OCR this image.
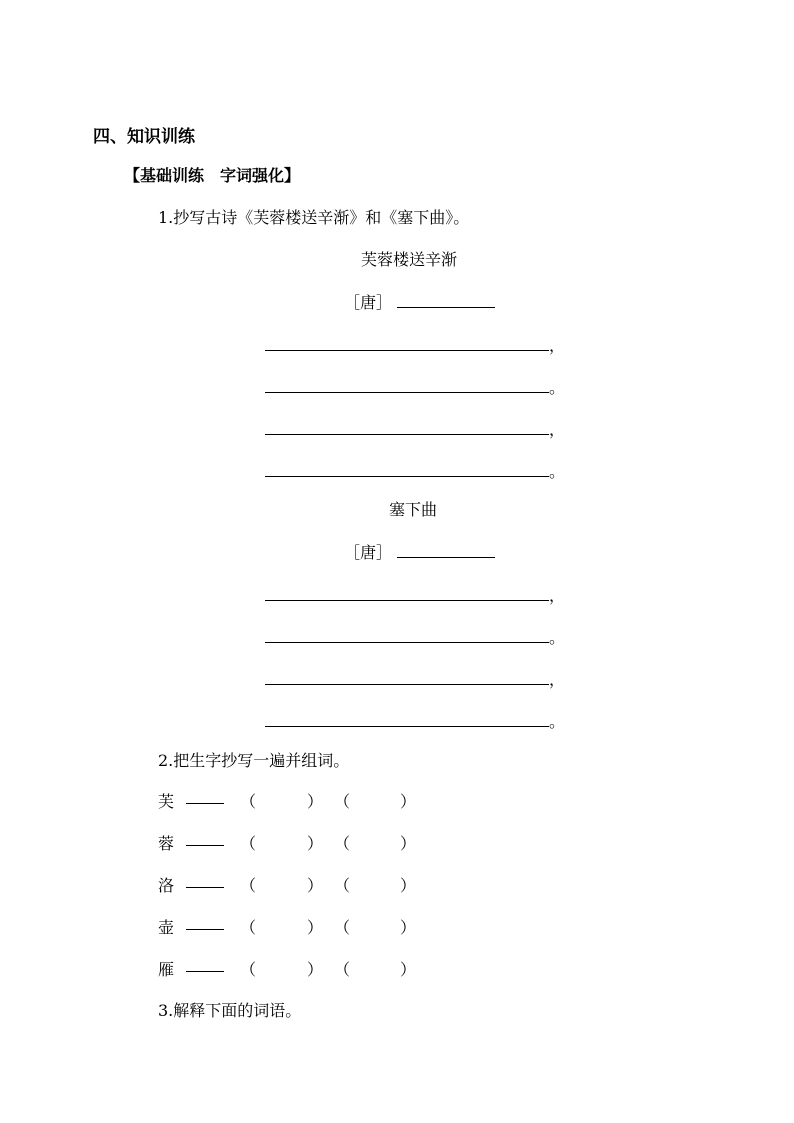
四、知识训练
【基础训练　字词强化】
1.抄写古诗《芙蓉楼送辛渐》和《塞下曲》。
芙蓉楼送辛渐
［唐］
，
。
，
。
塞下曲
［唐］
，
。
，
。
2.把生字抄写一遍并组词。
芙	（	） （	）
蓉	（	） （	）
洛	（	） （	）
壶	（	） （	）
雁	（	） （	）
3.解释下面的词语。
